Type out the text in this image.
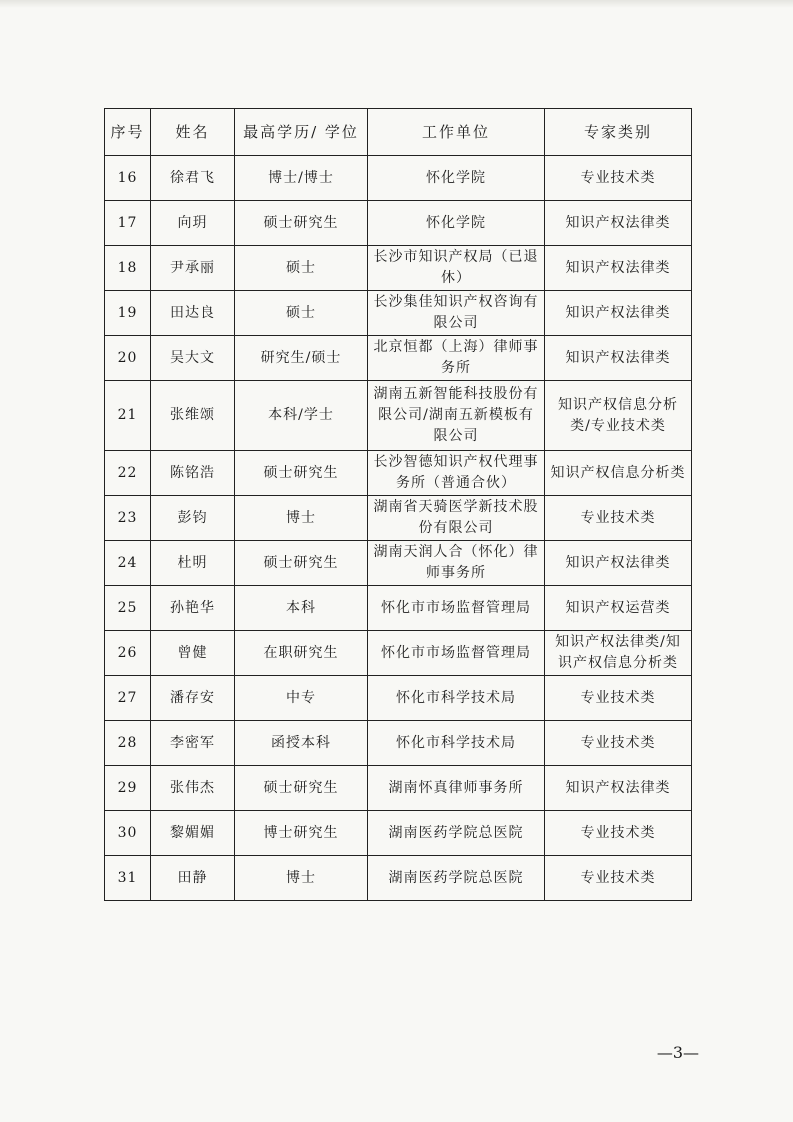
序号	姓名	最高学历/ 学位	工作单位	专家类别
16	徐君飞	博士/博士	怀化学院	专业技术类
17	向玥	硕士研究生	怀化学院	知识产权法律类
18	尹承丽	硕士	长沙市知识产权局（已退休）	知识产权法律类
19	田达良	硕士	长沙集佳知识产权咨询有限公司	知识产权法律类
20	吴大文	研究生/硕士	北京恒都（上海）律师事务所	知识产权法律类
21	张维颂	本科/学士	湖南五新智能科技股份有限公司/湖南五新模板有限公司	知识产权信息分析类/专业技术类
22	陈铭浩	硕士研究生	长沙智德知识产权代理事务所（普通合伙）	知识产权信息分析类
23	彭钧	博士	湖南省天骑医学新技术股份有限公司	专业技术类
24	杜明	硕士研究生	湖南天润人合（怀化）律师事务所	知识产权法律类
25	孙艳华	本科	怀化市市场监督管理局	知识产权运营类
26	曾健	在职研究生	怀化市市场监督管理局	知识产权法律类/知识产权信息分析类
27	潘存安	中专	怀化市科学技术局	专业技术类
28	李密军	函授本科	怀化市科学技术局	专业技术类
29	张伟杰	硕士研究生	湖南怀真律师事务所	知识产权法律类
30	黎媚媚	博士研究生	湖南医药学院总医院	专业技术类
31	田静	博士	湖南医药学院总医院	专业技术类
—3—
